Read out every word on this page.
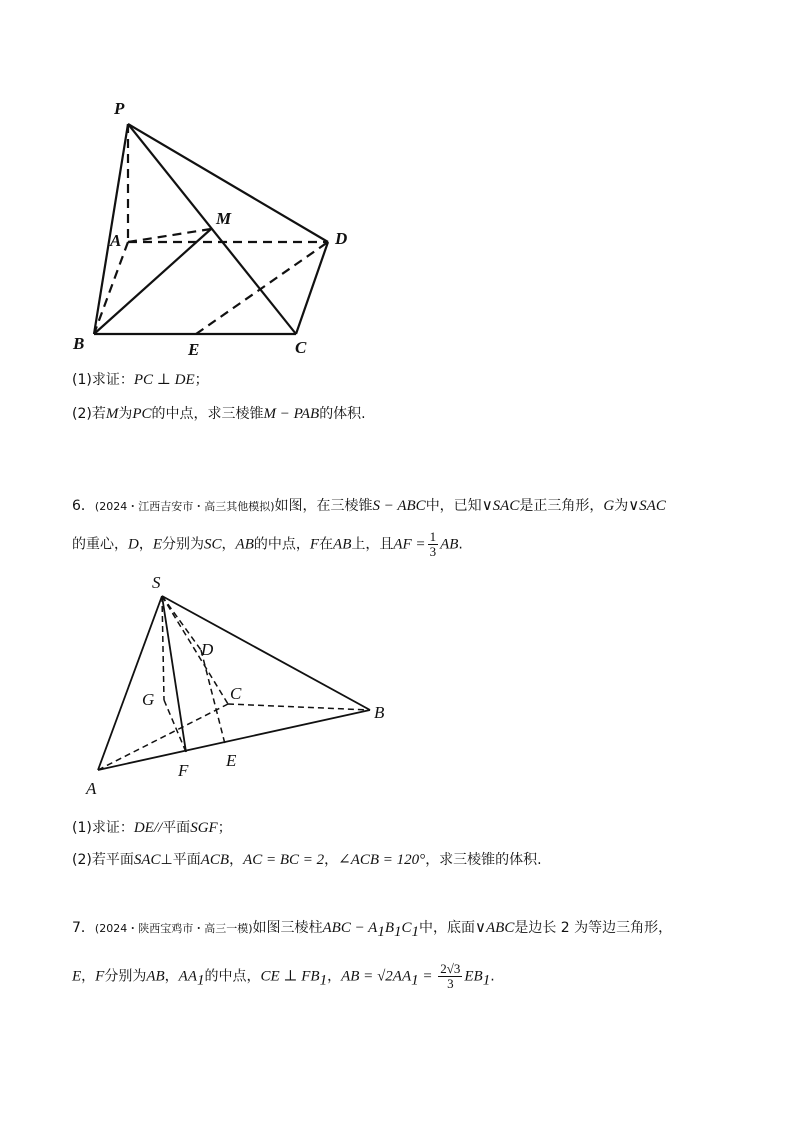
P
M
A	D
B	E	C
(1)求证：PC ⊥ DE；
(2)若M为PC的中点，求三棱锥M − PAB的体积.
6．(2024・江西吉安市・高三其他模拟)如图，在三棱锥S − ABC中，已知∨SAC是正三角形，G为∨SAC
的重心，D，E分别为SC，AB的中点，F在AB上，且AF = $\frac{1}{3}$ AB.
S
D
G	C
B
F
E
A
(1)求证：DE//平面SGF；
(2)若平面SAC⊥平面ACB，AC = BC = 2，∠ACB = 120°，求三棱锥的体积.
7．(2024・陕西宝鸡市・高三一模)如图三棱柱ABC − $A_1B_1C_1$中，底面∨ABC是边长 2 为等边三角形，
E，F分别为AB，$AA_1$的中点，CE ⊥ $FB_1$，AB = $√2AA_1 = \frac{2√3}{3} EB_1$.
